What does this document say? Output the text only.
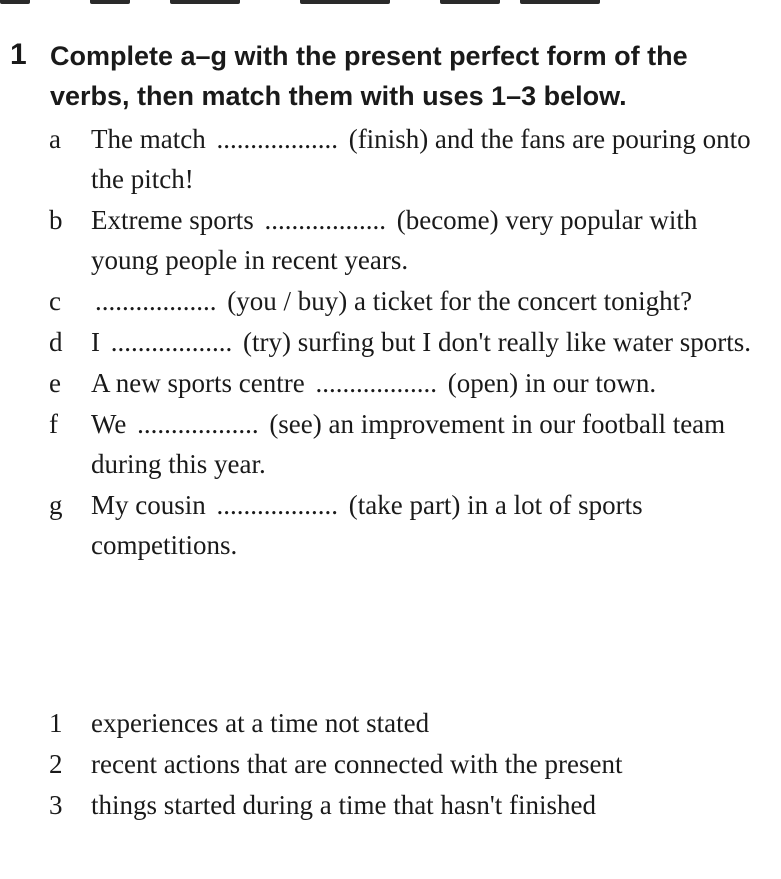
1 Complete a–g with the present perfect form of the verbs, then match them with uses 1–3 below.
a	The match .................. (finish) and the fans are pouring onto the pitch!
b	Extreme sports .................. (become) very popular with young people in recent years.
c	.................. (you / buy) a ticket for the concert tonight?
d	I .................. (try) surfing but I don't really like water sports.
e	A new sports centre .................. (open) in our town.
f	We .................. (see) an improvement in our football team during this year.
g	My cousin .................. (take part) in a lot of sports competitions.
1 experiences at a time not stated
2 recent actions that are connected with the present
3 things started during a time that hasn't finished
